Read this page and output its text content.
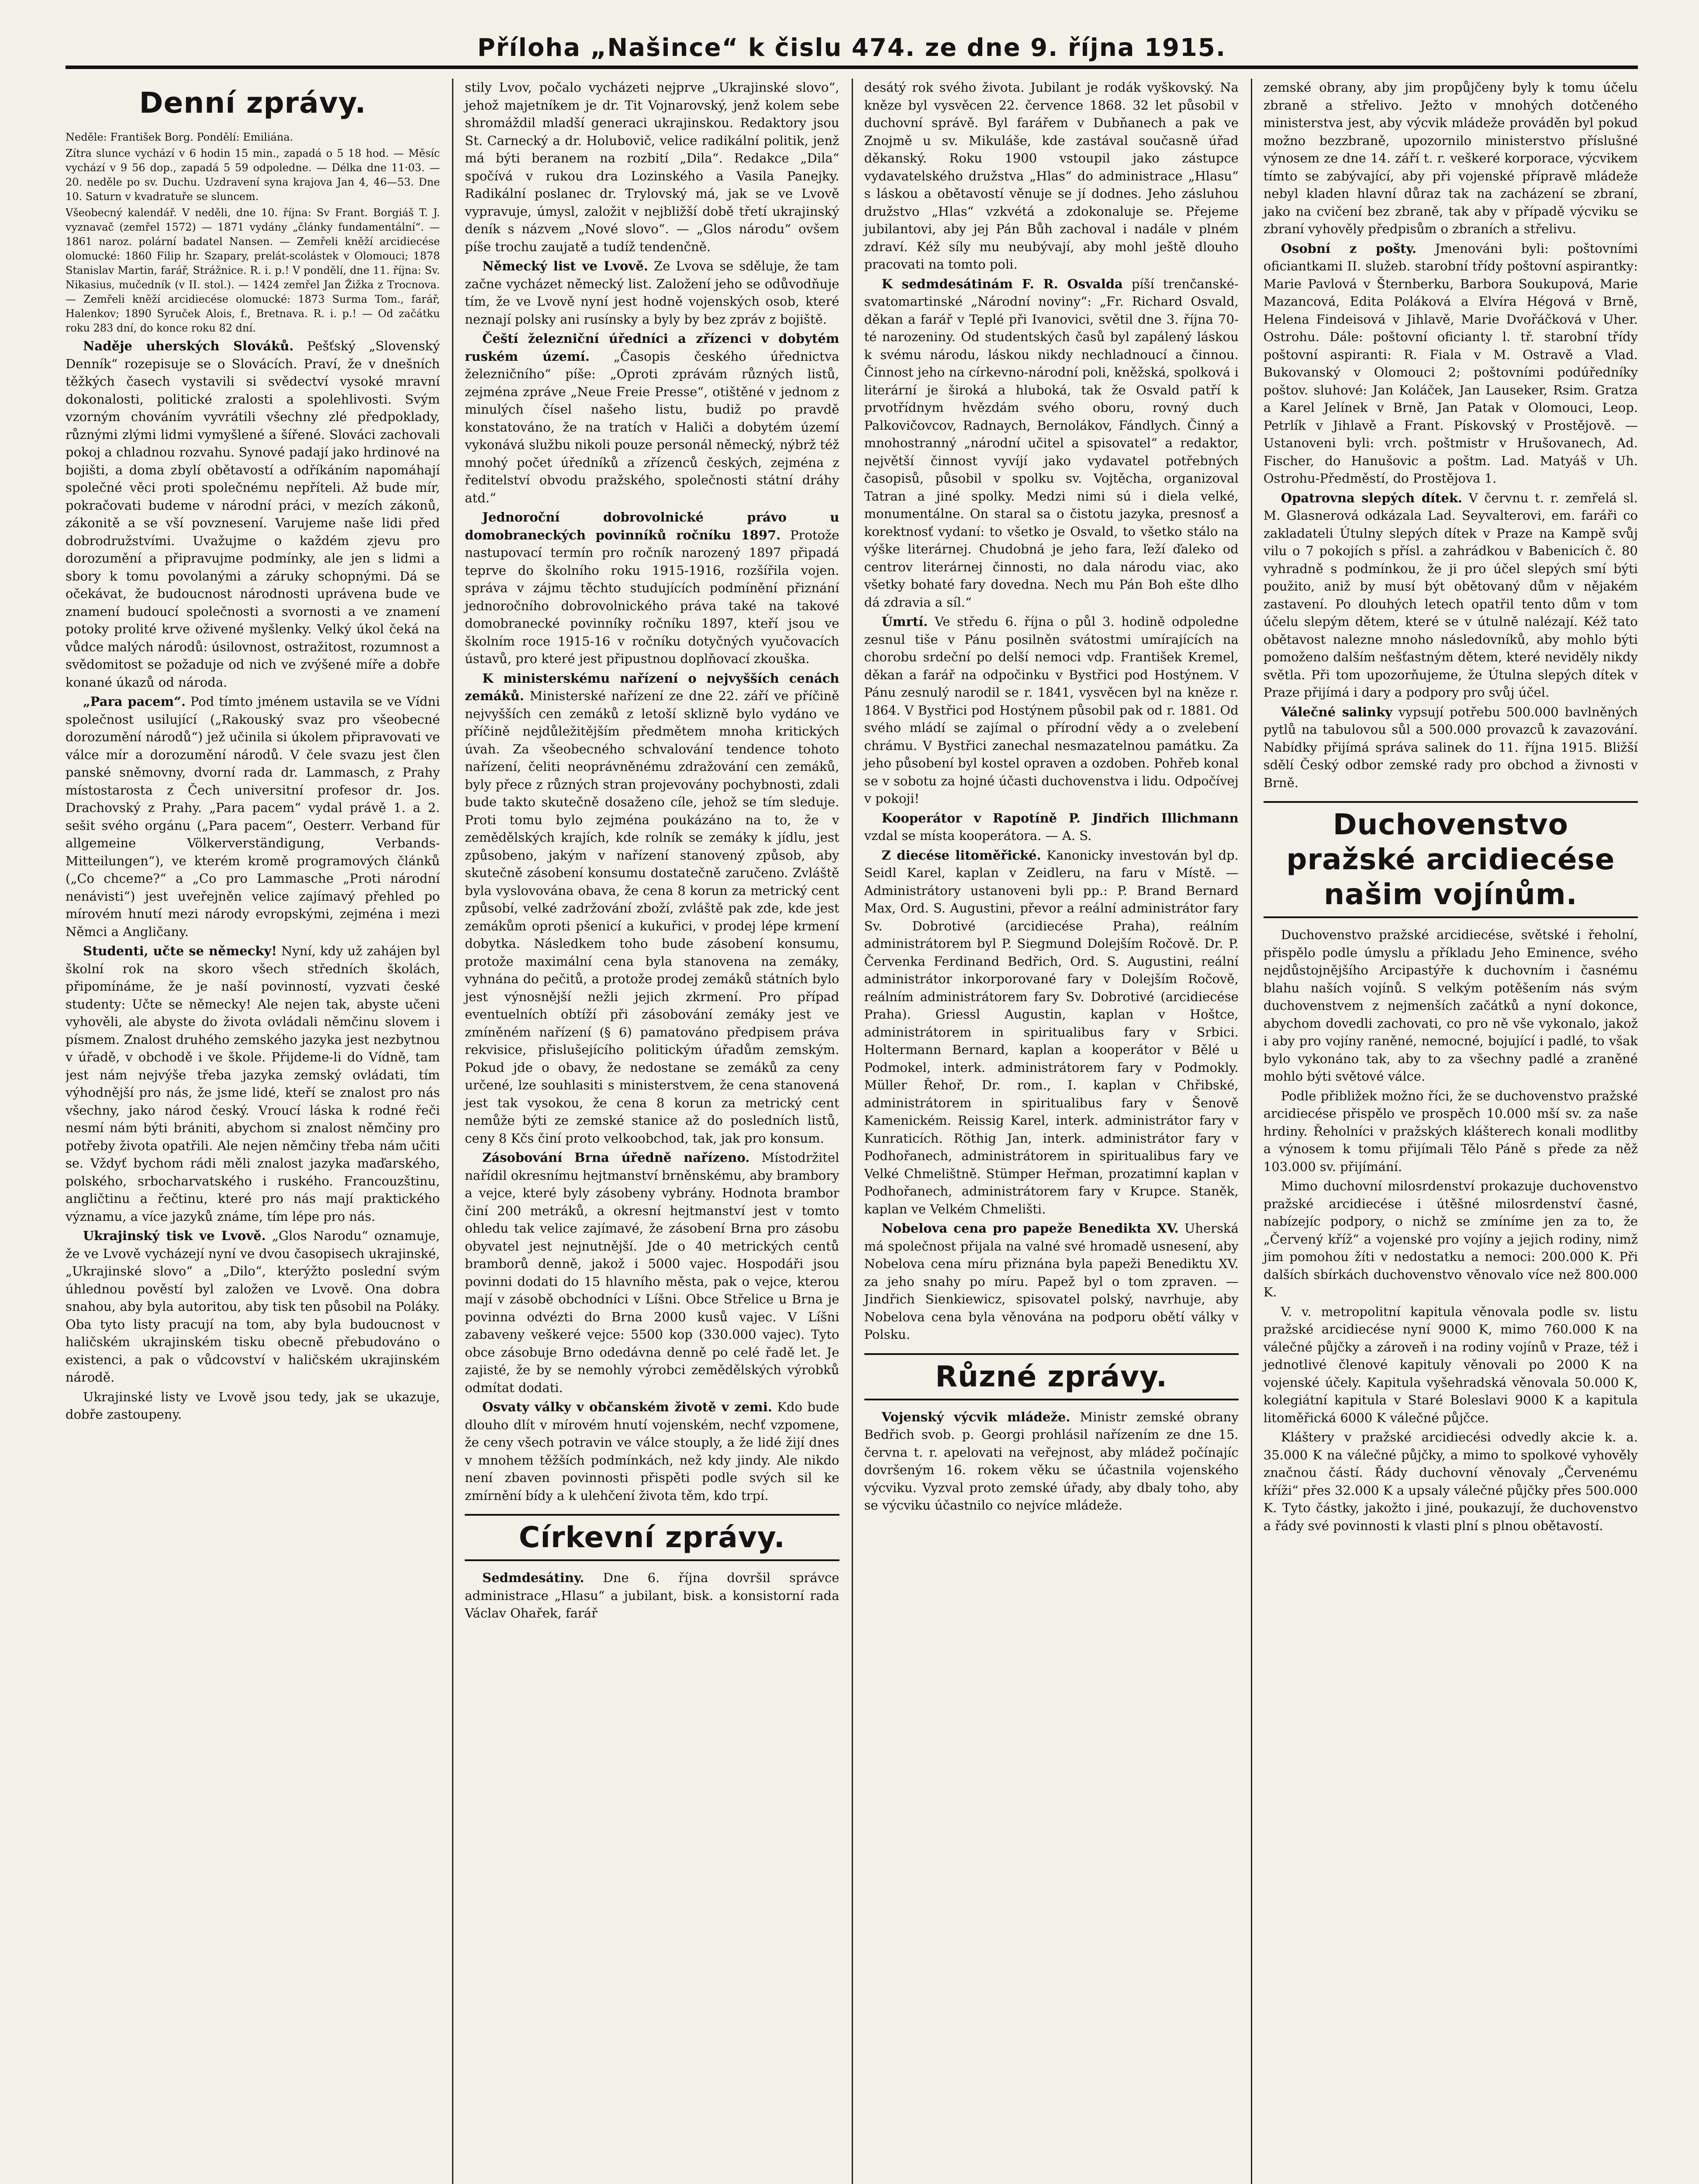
Příloha „Našince“ k čislu 474. ze dne 9. října 1915.
Denní zprávy.

Neděle: František Borg. Pondělí: Emiliána.

Zítra slunce vychází v 6 hodin 15 min., zapadá o 5 18 hod. — Měsíc vychází v 9 56 dop., zapadá 5 59 odpoledne. — Délka dne 11·03. — 20. neděle po sv. Duchu. Uzdravení syna krajova Jan 4, 46—53. Dne 10. Saturn v kvadratuře se sluncem.

Všeobecný kalendář. V neděli, dne 10. října: Sv Frant. Borgiáš T. J. vyznavač (zemřel 1572) — 1871 vydány „články fundamentální“. — 1861 naroz. polární badatel Nansen. — Zemřeli kněží arcidiecése olomucké: 1860 Filip hr. Szapary, prelát-scolástek v Olomouci; 1878 Stanislav Martin, farář, Strážnice. R. i. p.! V pondělí, dne 11. října: Sv. Nikasius, mučedník (v II. stol.). — 1424 zemřel Jan Žižka z Trocnova. — Zemřeli kněží arcidiecése olomucké: 1873 Surma Tom., farář, Halenkov; 1890 Syruček Alois, f., Bretnava. R. i. p.! — Od začátku roku 283 dní, do konce roku 82 dní.

Naděje uherských Slováků. Pešťský „Slovenský Denník“ rozepisuje se o Slovácích. Praví, že v dnešních těžkých časech vystavili si svědectví vysoké mravní dokonalosti, politické zralosti a spolehlivosti. Svým vzorným chováním vyvrátili všechny zlé předpoklady, různými zlými lidmi vymyšlené a šířené. Slováci zachovali pokoj a chladnou rozvahu. Synové padají jako hrdinové na bojišti, a doma zbylí obětavostí a odříkáním napomáhají společné věci proti společnému nepříteli. Až bude mír, pokračovati budeme v národní práci, v mezích zákonů, zákonitě a se vší povznesení. Varujeme naše lidi před dobrodružstvími. Uvažujme o každém zjevu pro dorozumění a připravujme podmínky, ale jen s lidmi a sbory k tomu povolanými a záruky schopnými. Dá se očekávat, že budoucnost národnosti uprávena bude ve znamení budoucí společnosti a svornosti a ve znamení potoky prolité krve oživené myšlenky. Velký úkol čeká na vůdce malých národů: úsilovnost, ostražitost, rozumnost a svědomitost se požaduje od nich ve zvýšené míře a dobře konané úkazů od národa.

„Para pacem“. Pod tímto jménem ustavila se ve Vídni společnost usilující („Rakouský svaz pro všeobecné dorozumění národů“) jež učinila si úkolem připravovati ve válce mír a dorozumění národů. V čele svazu jest člen panské sněmovny, dvorní rada dr. Lammasch, z Prahy místostarosta z Čech universitní profesor dr. Jos. Drachovský z Prahy. „Para pacem“ vydal právě 1. a 2. sešit svého orgánu („Para pacem“, Oesterr. Verband für allgemeine Völkerverständigung, Verbands-Mitteilungen“), ve kterém kromě programových článků („Co chceme?“ a „Co pro Lammasche „Proti národní nenávisti“) jest uveřejněn velice zajímavý přehled po mírovém hnutí mezi národy evropskými, zejména i mezi Němci a Angličany.

Studenti, učte se německy! Nyní, kdy už zahájen byl školní rok na skoro všech středních školách, připomínáme, že je naší povinností, vyzvati české studenty: Učte se německy! Ale nejen tak, abyste učeni vyhověli, ale abyste do života ovládali němčinu slovem i písmem. Znalost druhého zemského jazyka jest nezbytnou v úřadě, v obchodě i ve škole. Přijdeme-li do Vídně, tam jest nám nejvýše třeba jazyka zemský ovládati, tím výhodnější pro nás, že jsme lidé, kteří se znalost pro nás všechny, jako národ český. Vroucí láska k rodné řeči nesmí nám býti brániti, abychom si znalost němčiny pro potřeby života opatřili. Ale nejen němčiny třeba nám učiti se. Vždyť bychom rádi měli znalost jazyka maďarského, polského, srbocharvatského i ruského. Francouzštinu, angličtinu a řečtinu, které pro nás mají praktického významu, a více jazyků známe, tím lépe pro nás.

Ukrajinský tisk ve Lvově. „Glos Narodu“ oznamuje, že ve Lvově vycházejí nyní ve dvou časopisech ukrajinské, „Ukrajinské slovo“ a „Dilo“, kterýžto poslední svým úhlednou pověstí byl založen ve Lvově. Ona dobra snahou, aby byla autoritou, aby tisk ten působil na Poláky. Oba tyto listy pracují na tom, aby byla budoucnost v haličském ukrajinském tisku obecně přebudováno o existenci, a pak o vůdcovství v haličském ukrajinském národě.

Ukrajinské listy ve Lvově jsou tedy, jak se ukazuje, dobře zastoupeny.

stily Lvov, počalo vycházeti nejprve „Ukrajinské slovo“, jehož majetníkem je dr. Tit Vojnarovský, jenž kolem sebe shromáždil mladší generaci ukrajinskou. Redaktory jsou St. Carnecký a dr. Holubovič, velice radikální politik, jenž má býti beranem na rozbití „Dila“. Redakce „Dila“ spočívá v rukou dra Lozinského a Vasila Panejky. Radikální poslanec dr. Trylovský má, jak se ve Lvově vypravuje, úmysl, založit v nejbližší době třetí ukrajinský deník s názvem „Nové slovo“. — „Glos národu“ ovšem píše trochu zaujatě a tudíž tendenčně.

Německý list ve Lvově. Ze Lvova se sděluje, že tam začne vycházet německý list. Založení jeho se odůvodňuje tím, že ve Lvově nyní jest hodně vojenských osob, které neznají polsky ani rusínsky a byly by bez zpráv z bojiště.

Čeští železniční úředníci a zřízenci v dobytém ruském území. „Časopis českého úřednictva železničního“ píše: „Oproti zprávám různých listů, zejména zpráve „Neue Freie Presse“, otištěné v jednom z minulých čísel našeho listu, budiž po pravdě konstatováno, že na tratích v Haliči a dobytém území vykonává službu nikoli pouze personál německý, nýbrž též mnohý počet úředníků a zřízenců českých, zejména z ředitelství obvodu pražského, společnosti státní dráhy atd.“

Jednoroční dobrovolnické právo u domobraneckých povinníků ročníku 1897. Protože nastupovací termín pro ročník narozený 1897 připadá teprve do školního roku 1915-1916, rozšířila vojen. správa v zájmu těchto studujících podmínění přiznání jednoročního dobrovolnického práva také na takové domobranecké povinníky ročníku 1897, kteří jsou ve školním roce 1915-16 v ročníku dotyčných vyučovacích ústavů, pro které jest připustnou doplňovací zkouška.

K ministerskému nařízení o nejvyšších cenách zemáků. Ministerské nařízení ze dne 22. září ve příčině nejvyšších cen zemáků z letoší sklizně bylo vydáno ve příčině nejdůležitějším předmětem mnoha kritických úvah. Za všeobecného schvalování tendence tohoto nařízení, čeliti neoprávněnému zdražování cen zemáků, byly přece z různých stran projevovány pochybnosti, zdali bude takto skutečně dosaženo cíle, jehož se tím sleduje. Proti tomu bylo zejména poukázáno na to, že v zemědělských krajích, kde rolník se zemáky k jídlu, jest způsobeno, jakým v nařízení stanovený způsob, aby skutečně zásobení konsumu dostatečně zaručeno. Zvláště byla vyslovována obava, že cena 8 korun za metrický cent způsobí, velké zadržování zboží, zvláště pak zde, kde jest zemákům oproti pšenicí a kukuřici, v prodej lépe krmení dobytka. Následkem toho bude zásobení konsumu, protože maximální cena byla stanovena na zemáky, vyhnána do pečitů, a protože prodej zemáků státních bylo jest výnosnější nežli jejich zkrmení. Pro případ eventuelních obtíží při zásobování zemáky jest ve zmíněném nařízení (§ 6) pamatováno předpisem práva rekvisice, přislušejícího politickým úřadům zemským. Pokud jde o obavy, že nedostane se zemáků za ceny určené, lze souhlasiti s ministerstvem, že cena stanovená jest tak vysokou, že cena 8 korun za metrický cent nemůže býti ze zemské stanice až do posledních listů, ceny 8 Kčs činí proto velkoobchod, tak, jak pro konsum.

Zásobování Brna úředně nařízeno. Místodržitel nařídil okresnímu hejtmanství brněnskému, aby brambory a vejce, které byly zásobeny vybrány. Hodnota brambor činí 200 metráků, a okresní hejtmanství jest v tomto ohledu tak velice zajímavé, že zásobení Brna pro zásobu obyvatel jest nejnutnější. Jde o 40 metrických centů bramborů denně, jakož i 5000 vajec. Hospodáři jsou povinni dodati do 15 hlavního města, pak o vejce, kterou mají v zásobě obchodníci v Líšni. Obce Střelice u Brna je povinna odvézti do Brna 2000 kusů vajec. V Líšni zabaveny veškeré vejce: 5500 kop (330.000 vajec). Tyto obce zásobuje Brno odedávna denně po celé řadě let. Je zajisté, že by se nemohly výrobci zemědělských výrobků odmítat dodati.

Osvaty války v občanském životě v zemi. Kdo bude dlouho dlít v mírovém hnutí vojenském, nechť vzpomene, že ceny všech potravin ve válce stouply, a že lidé žijí dnes v mnohem těžších podmínkách, než kdy jindy. Ale nikdo není zbaven povinnosti přispěti podle svých sil ke zmírnění bídy a k ulehčení života těm, kdo trpí.

Církevní zprávy.

Sedmdesátiny. Dne 6. října dovršil správce administrace „Hlasu“ a jubilant, bisk. a konsistorní rada Václav Ohařek, farář

desátý rok svého života. Jubilant je rodák vyškovský. Na kněze byl vysvěcen 22. července 1868. 32 let působil v duchovní správě. Byl farářem v Dubňanech a pak ve Znojmě u sv. Mikuláše, kde zastával současně úřad děkanský. Roku 1900 vstoupil jako zástupce vydavatelského družstva „Hlas“ do administrace „Hlasu“ s láskou a obětavostí věnuje se jí dodnes. Jeho zásluhou družstvo „Hlas“ vzkvétá a zdokonaluje se. Přejeme jubilantovi, aby jej Pán Bůh zachoval i nadále v plném zdraví. Kéž síly mu neubývají, aby mohl ještě dlouho pracovati na tomto poli.

K sedmdesátinám F. R. Osvalda píší trenčanské-svatomartinské „Národní noviny“: „Fr. Richard Osvald, děkan a farář v Teplé při Ivanovici, světil dne 3. října 70-té narozeniny. Od studentských časů byl zapálený láskou k svému národu, láskou nikdy nechladnoucí a činnou. Činnost jeho na církevno-národní poli, kněžská, spolková i literární je široká a hluboká, tak že Osvald patří k prvotřídnym hvězdám svého oboru, rovný duch Palkovičovcov, Radnaych, Bernolákov, Fándlych. Činný a mnohostranný „národní učitel a spisovatel“ a redaktor, největší činnost vyvíjí jako vydavatel potřebných časopisů, působil v spolku sv. Vojtěcha, organizoval Tatran a jiné spolky. Medzi nimi sú i diela velké, monumentálne. On staral sa o čistotu jazyka, presnosť a korektnosť vydaní: to všetko je Osvald, to všetko stálo na výške literárnej. Chudobná je jeho fara, ľeží ďaleko od centrov literárnej činnosti, no dala národu viac, ako všetky bohaté fary dovedna. Nech mu Pán Boh ešte dlho dá zdravia a síl.“

Úmrtí. Ve středu 6. října o půl 3. hodině odpoledne zesnul tiše v Pánu posilněn svátostmi umírajících na chorobu srdeční po delší nemoci vdp. František Kremel, děkan a farář na odpočinku v Bystřici pod Hostýnem. V Pánu zesnulý narodil se r. 1841, vysvěcen byl na kněze r. 1864. V Bystřici pod Hostýnem působil pak od r. 1881. Od svého mládí se zajímal o přírodní vědy a o zvelebení chrámu. V Bystřici zanechal nesmazatelnou památku. Za jeho působení byl kostel opraven a ozdoben. Pohřeb konal se v sobotu za hojné účasti duchovenstva i lidu. Odpočívej v pokoji!

Kooperátor v Rapotíně P. Jindřich Illichmann vzdal se místa kooperátora. — A. S.

Z diecése litoměřické. Kanonicky investován byl dp. Seidl Karel, kaplan v Zeidleru, na faru v Místě. — Administrátory ustanoveni byli pp.: P. Brand Bernard Max, Ord. S. Augustini, převor a reální administrátor fary Sv. Dobrotivé (arcidiecése Praha), reálním administrátorem byl P. Siegmund Dolejším Ročově. Dr. P. Červenka Ferdinand Bedřich, Ord. S. Augustini, reální administrátor inkorporované fary v Dolejším Ročově, reálním administrátorem fary Sv. Dobrotivé (arcidiecése Praha). Griessl Augustin, kaplan v Hoštce, administrátorem in spiritualibus fary v Srbici. Holtermann Bernard, kaplan a kooperátor v Bělé u Podmokel, interk. administrátorem fary v Podmokly. Müller Řehoř, Dr. rom., I. kaplan v Chřibské, administrátorem in spiritualibus fary v Šenově Kamenickém. Reissig Karel, interk. administrátor fary v Kunraticích. Röthig Jan, interk. administrátor fary v Podhořanech, administrátorem in spiritualibus fary ve Velké Chmelištně. Stümper Heřman, prozatimní kaplan v Podhořanech, administrátorem fary v Krupce. Staněk, kaplan ve Velkém Chmelišti.

Nobelova cena pro papeže Benedikta XV. Uherská má společnost přijala na valné své hromadě usnesení, aby Nobelova cena míru přiznána byla papeži Benediktu XV. za jeho snahy po míru. Papež byl o tom zpraven. — Jindřich Sienkiewicz, spisovatel polský, navrhuje, aby Nobelova cena byla věnována na podporu obětí války v Polsku.

Různé zprávy.

Vojenský výcvik mládeže. Ministr zemské obrany Bedřich svob. p. Georgi prohlásil nařízením ze dne 15. června t. r. apelovati na veřejnost, aby mládež počínajíc dovršeným 16. rokem věku se účastnila vojenského výcviku. Vyzval proto zemské úřady, aby dbaly toho, aby se výcviku účastnilo co nejvíce mládeže.

zemské obrany, aby jim propůjčeny byly k tomu účelu zbraně a střelivo. Ježto v mnohých dotčeného ministerstva jest, aby výcvik mládeže prováděn byl pokud možno bezzbraně, upozornilo ministerstvo příslušné výnosem ze dne 14. září t. r. veškeré korporace, výcvikem tímto se zabývající, aby při vojenské přípravě mládeže nebyl kladen hlavní důraz tak na zacházení se zbraní, jako na cvičení bez zbraně, tak aby v případě výcviku se zbraní vyhověly předpisům o zbraních a střelivu.

Osobní z pošty. Jmenováni byli: poštovními oficiantkami II. služeb. starobní třídy poštovní aspirantky: Marie Pavlová v Šternberku, Barbora Soukupová, Marie Mazancová, Edita Poláková a Elvíra Hégová v Brně, Helena Findeisová v Jihlavě, Marie Dvořáčková v Uher. Ostrohu. Dále: poštovní oficianty l. tř. starobní třídy poštovní aspiranti: R. Fiala v M. Ostravě a Vlad. Bukovanský v Olomouci 2; poštovními podúředníky poštov. sluhové: Jan Koláček, Jan Lauseker, Rsim. Gratza a Karel Jelínek v Brně, Jan Patak v Olomouci, Leop. Petrlík v Jihlavě a Frant. Pískovský v Prostějově. — Ustanoveni byli: vrch. poštmistr v Hrušovanech, Ad. Fischer, do Hanušovic a poštm. Lad. Matyáš v Uh. Ostrohu-Předměstí, do Prostějova 1.

Opatrovna slepých dítek. V červnu t. r. zemřelá sl. M. Glasnerová odkázala Lad. Seyvalterovi, em. faráři co zakladateli Útulny slepých dítek v Praze na Kampě svůj vilu o 7 pokojích s přísl. a zahrádkou v Babenicích č. 80 vyhradně s podmínkou, že ji pro účel slepých smí býti použito, aniž by musí být obětovaný dům v nějakém zastavení. Po dlouhých letech opatřil tento dům v tom účelu slepým dětem, které se v útulně nalézají. Kéž tato obětavost nalezne mnoho následovníků, aby mohlo býti pomoženo dalším nešťastným dětem, které neviděly nikdy světla. Při tom upozorňujeme, že Útulna slepých dítek v Praze přijímá i dary a podpory pro svůj účel.

Válečné salinky vypsují potřebu 500.000 bavlněných pytlů na tabulovou sůl a 500.000 provazců k zavazování. Nabídky přijímá správa salinek do 11. října 1915. Bližší sdělí Český odbor zemské rady pro obchod a živnosti v Brně.

Duchovenstvo pražské arcidiecése našim vojínům.

Duchovenstvo pražské arcidiecése, světské i řeholní, přispělo podle úmyslu a příkladu Jeho Eminence, svého nejdůstojnějšího Arcipastýře k duchovním i časnému blahu naších vojínů. S velkým potěšením nás svým duchovenstvem z nejmenších začátků a nyní dokonce, abychom dovedli zachovati, co pro ně vše vykonalo, jakož i aby pro vojíny raněné, nemocné, bojující i padlé, to však bylo vykonáno tak, aby to za všechny padlé a zraněné mohlo býti světové válce.

Podle přibližek možno říci, že se duchovenstvo pražské arcidiecése přispělo ve prospěch 10.000 mší sv. za naše hrdiny. Řeholníci v pražských klášterech konali modlitby a výnosem k tomu přijímali Tělo Páně s přede za něž 103.000 sv. přijímání.

Mimo duchovní milosrdenství prokazuje duchovenstvo pražské arcidiecése i útěšné milosrdenství časné, nabízejíc podpory, o nichž se zmíníme jen za to, že „Červený kříž“ a vojenské pro vojíny a jejich rodiny, nimž jim pomohou žíti v nedostatku a nemoci: 200.000 K. Při dalších sbírkách duchovenstvo věnovalo více než 800.000 K.

V. v. metropolitní kapitula věnovala podle sv. listu pražské arcidiecése nyní 9000 K, mimo 760.000 K na válečné půjčky a zároveň i na rodiny vojínů v Praze, též i jednotlivé členové kapituly věnovali po 2000 K na vojenské účely. Kapitula vyšehradská věnovala 50.000 K, kolegiátní kapitula v Staré Boleslavi 9000 K a kapitula litoměřická 6000 K válečné půjčce.

Kláštery v pražské arcidiecési odvedly akcie k. a. 35.000 K na válečné půjčky, a mimo to spolkové vyhověly značnou částí. Řády duchovní věnovaly „Červenému kříži“ přes 32.000 K a upsaly válečné půjčky přes 500.000 K. Tyto částky, jakožto i jiné, poukazují, že duchovenstvo a řády své povinnosti k vlasti plní s plnou obětavostí.
